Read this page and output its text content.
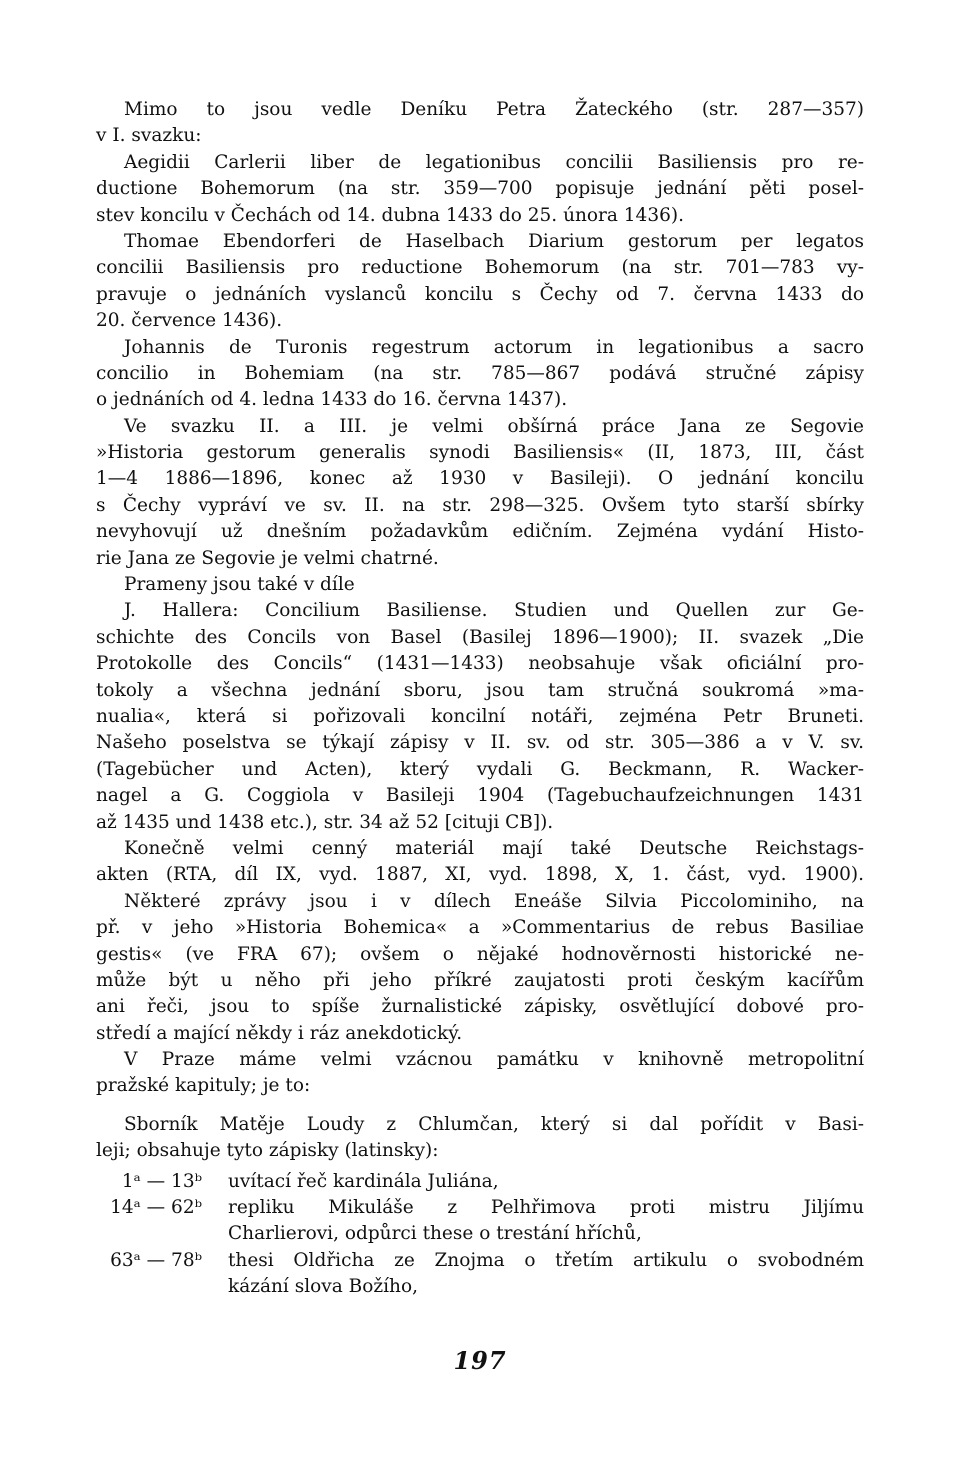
Mimo to jsou vedle Deníku Petra Žateckého (str. 287—357)
v I. svazku:
Aegidii Carlerii liber de legationibus concilii Basiliensis pro re-
ductione Bohemorum (na str. 359—700 popisuje jednání pěti posel-
stev koncilu v Čechách od 14. dubna 1433 do 25. února 1436).
Thomae Ebendorferi de Haselbach Diarium gestorum per legatos
concilii Basiliensis pro reductione Bohemorum (na str. 701—783 vy-
pravuje o jednáních vyslanců koncilu s Čechy od 7. června 1433 do
20. července 1436).
Johannis de Turonis regestrum actorum in legationibus a sacro
concilio in Bohemiam (na str. 785—867 podává stručné zápisy
o jednáních od 4. ledna 1433 do 16. června 1437).
Ve svazku II. a III. je velmi obšírná práce Jana ze Segovie
»Historia gestorum generalis synodi Basiliensis« (II, 1873, III, část
1—4 1886—1896, konec až 1930 v Basileji). O jednání koncilu
s Čechy vypráví ve sv. II. na str. 298—325. Ovšem tyto starší sbírky
nevyhovují už dnešním požadavkům edičním. Zejména vydání Histo-
rie Jana ze Segovie je velmi chatrné.
Prameny jsou také v díle
J. Hallera: Concilium Basiliense. Studien und Quellen zur Ge-
schichte des Concils von Basel (Basilej 1896—1900); II. svazek „Die
Protokolle des Concils“ (1431—1433) neobsahuje však oficiální pro-
tokoly a všechna jednání sboru, jsou tam stručná soukromá »ma-
nualia«, která si pořizovali koncilní notáři, zejména Petr Bruneti.
Našeho poselstva se týkají zápisy v II. sv. od str. 305—386 a v V. sv.
(Tagebücher und Acten), který vydali G. Beckmann, R. Wacker-
nagel a G. Coggiola v Basileji 1904 (Tagebuchaufzeichnungen 1431
až 1435 und 1438 etc.), str. 34 až 52 [cituji CB]).
Konečně velmi cenný materiál mají také Deutsche Reichstags-
akten (RTA, díl IX, vyd. 1887, XI, vyd. 1898, X, 1. část, vyd. 1900).
Některé zprávy jsou i v dílech Eneáše Silvia Piccolominiho, na
př. v jeho »Historia Bohemica« a »Commentarius de rebus Basiliae
gestis« (ve FRA 67); ovšem o nějaké hodnověrnosti historické ne-
může být u něho při jeho příkré zaujatosti proti českým kacířům
ani řeči, jsou to spíše žurnalistické zápisky, osvětlující dobové pro-
středí a mající někdy i ráz anekdotický.
V Praze máme velmi vzácnou památku v knihovně metropolitní
pražské kapituly; je to:
Sborník Matěje Loudy z Chlumčan, který si dal pořídit v Basi-
leji; obsahuje tyto zápisky (latinsky):
1ᵃ — 13ᵇ uvítací řeč kardinála Juliána,
14ᵃ — 62ᵇ repliku Mikuláše z Pelhřimova proti mistru Jiljímu
Charlierovi, odpůrci these o trestání hříchů,
63ᵃ — 78ᵇ thesi Oldřicha ze Znojma o třetím artikulu o svobodném
kázání slova Božího,
197
